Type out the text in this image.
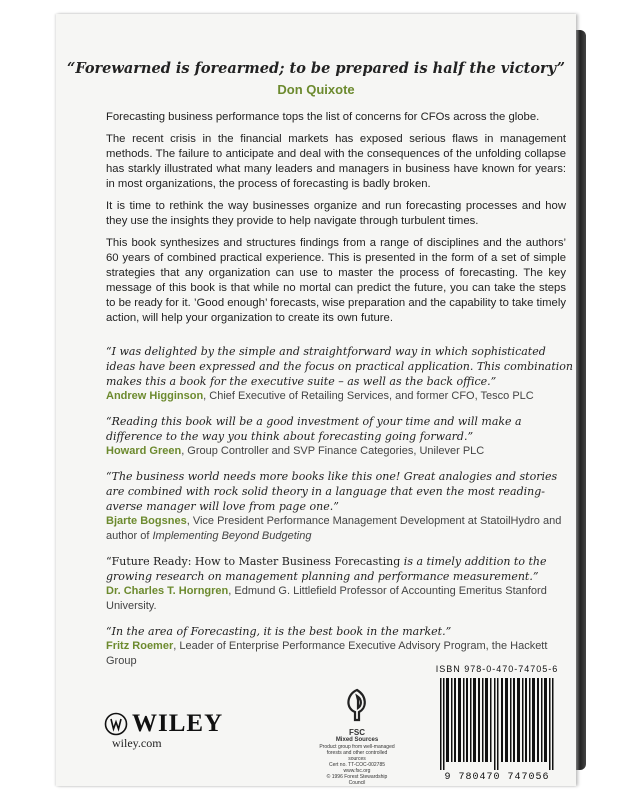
“Forewarned is forearmed; to be prepared is half the victory”
Don Quixote

Forecasting business performance tops the list of concerns for CFOs across the globe.

The recent crisis in the financial markets has exposed serious flaws in management methods. The failure to anticipate and deal with the consequences of the unfolding collapse has starkly illustrated what many leaders and managers in business have known for years: in most organizations, the process of forecasting is badly broken.

It is time to rethink the way businesses organize and run forecasting processes and how they use the insights they provide to help navigate through turbulent times.

This book synthesizes and structures findings from a range of disciplines and the authors’ 60 years of combined practical experience. This is presented in the form of a set of simple strategies that any organization can use to master the process of forecasting. The key message of this book is that while no mortal can predict the future, you can take the steps to be ready for it. ’Good enough’ forecasts, wise preparation and the capability to take timely action, will help your organization to create its own future.

“I was delighted by the simple and straightforward way in which sophisticated ideas have been expressed and the focus on practical application. This combination makes this a book for the executive suite – as well as the back office.”

Andrew Higginson, Chief Executive of Retailing Services, and former CFO, Tesco PLC

“Reading this book will be a good investment of your time and will make a difference to the way you think about forecasting going forward.”

Howard Green, Group Controller and SVP Finance Categories, Unilever PLC

“The business world needs more books like this one! Great analogies and stories are combined with rock solid theory in a language that even the most reading-averse manager will love from page one.”

Bjarte Bogsnes, Vice President Performance Management Development at StatoilHydro and author of Implementing Beyond Budgeting

“Future Ready: How to Master Business Forecasting is a timely addition to the growing research on management planning and performance measurement.”

Dr. Charles T. Horngren, Edmund G. Littlefield Professor of Accounting Emeritus Stanford University.

“In the area of Forecasting, it is the best book in the market.”

Fritz Roemer, Leader of Enterprise Performance Executive Advisory Program, the Hackett Group

FSC
Mixed Sources
Product group from well-managed forests and other controlled sources
Cert no. TT-COC-002785
www.fsc.org
© 1996 Forest Stewardship Council
ISBN 978-0-470-74705-6
9 780470 747056
WILEY
wiley.com
